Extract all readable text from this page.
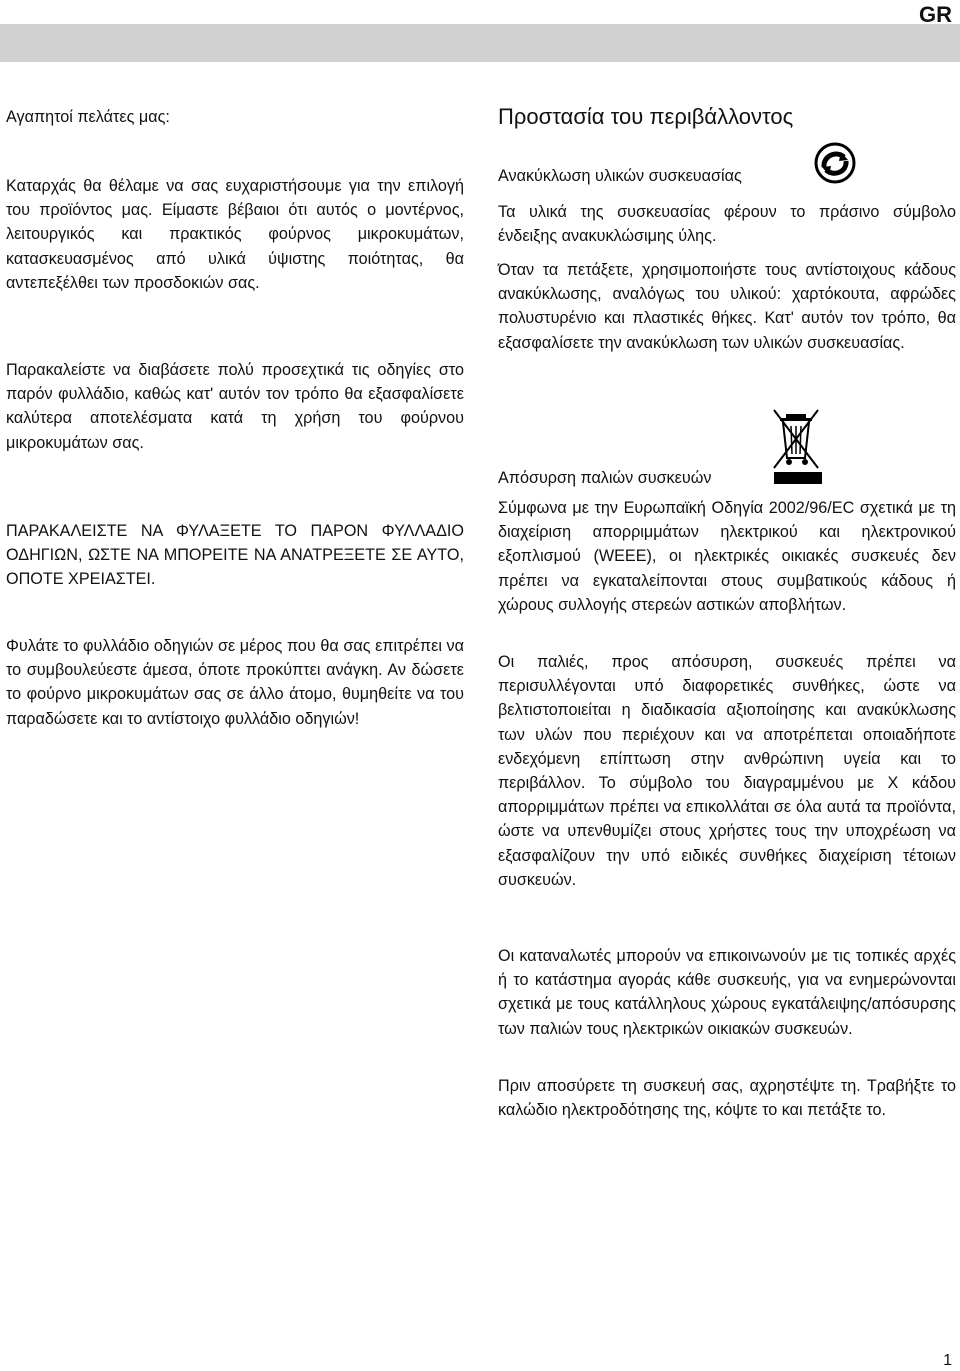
GR

Αγαπητοί πελάτες μας:

Καταρχάς θα θέλαμε να σας ευχαριστήσουμε για την επιλογή του προϊόντος μας. Είμαστε βέβαιοι ότι αυτός ο μοντέρνος, λειτουργικός και πρακτικός φούρνος μικροκυμάτων, κατασκευασμένος από υλικά ύψιστης ποιότητας, θα αντεπεξέλθει των προσδοκιών σας.

Παρακαλείστε να διαβάσετε πολύ προσεχτικά τις οδηγίες στο παρόν φυλλάδιο, καθώς κατ' αυτόν τον τρόπο θα εξασφαλίσετε καλύτερα αποτελέσματα κατά τη χρήση του φούρνου μικροκυμάτων σας.

ΠΑΡΑΚΑΛΕΙΣΤΕ ΝΑ ΦΥΛΑΞΕΤΕ ΤΟ ΠΑΡΟΝ ΦΥΛΛΑΔΙΟ ΟΔΗΓΙΩΝ, ΩΣΤΕ ΝΑ ΜΠΟΡΕΙΤΕ ΝΑ ΑΝΑΤΡΕΞΕΤΕ ΣΕ ΑΥΤΟ, ΟΠΟΤΕ ΧΡΕΙΑΣΤΕΙ.

Φυλάτε το φυλλάδιο οδηγιών σε μέρος που θα σας επιτρέπει να το συμβουλεύεστε άμεσα, όποτε προκύπτει ανάγκη. Αν δώσετε το φούρνο μικροκυμάτων σας σε άλλο άτομο, θυμηθείτε να του παραδώσετε και το αντίστοιχο φυλλάδιο οδηγιών!

Προστασία του περιβάλλοντος
Ανακύκλωση υλικών συσκευασίας

Τα υλικά της συσκευασίας φέρουν το πράσινο σύμβολο ένδειξης ανακυκλώσιμης ύλης.

Όταν τα πετάξετε, χρησιμοποιήστε τους αντίστοιχους κάδους ανακύκλωσης, αναλόγως του υλικού: χαρτόκουτα, αφρώδες πολυστυρένιο και πλαστικές θήκες. Κατ' αυτόν τον τρόπο, θα εξασφαλίσετε την ανακύκλωση των υλικών συσκευασίας.

Απόσυρση παλιών συσκευών

Σύμφωνα με την Ευρωπαϊκή Οδηγία 2002/96/EC σχετικά με τη διαχείριση απορριμμάτων ηλεκτρικού και ηλεκτρονικού εξοπλισμού (WEEE), οι ηλεκτρικές οικιακές συσκευές δεν πρέπει να εγκαταλείπονται στους συμβατικούς κάδους ή χώρους συλλογής στερεών αστικών αποβλήτων.

Οι παλιές, προς απόσυρση, συσκευές πρέπει να περισυλλέγονται υπό διαφορετικές συνθήκες, ώστε να βελτιστοποιείται η διαδικασία αξιοποίησης και ανακύκλωσης των υλών που περιέχουν και να αποτρέπεται οποιαδήποτε ενδεχόμενη επίπτωση στην ανθρώπινη υγεία και το περιβάλλον. Το σύμβολο του διαγραμμένου με Χ κάδου απορριμμάτων πρέπει να επικολλάται σε όλα αυτά τα προϊόντα, ώστε να υπενθυμίζει στους χρήστες τους την υποχρέωση να εξασφαλίζουν την υπό ειδικές συνθήκες διαχείριση τέτοιων συσκευών.

Οι καταναλωτές μπορούν να επικοινωνούν με τις τοπικές αρχές ή το κατάστημα αγοράς κάθε συσκευής, για να ενημερώνονται σχετικά με τους κατάλληλους χώρους εγκατάλειψης/απόσυρσης των παλιών τους ηλεκτρικών οικιακών συσκευών.

Πριν αποσύρετε τη συσκευή σας, αχρηστέψτε τη. Τραβήξτε το καλώδιο ηλεκτροδότησης της, κόψτε το και πετάξτε το.

1
